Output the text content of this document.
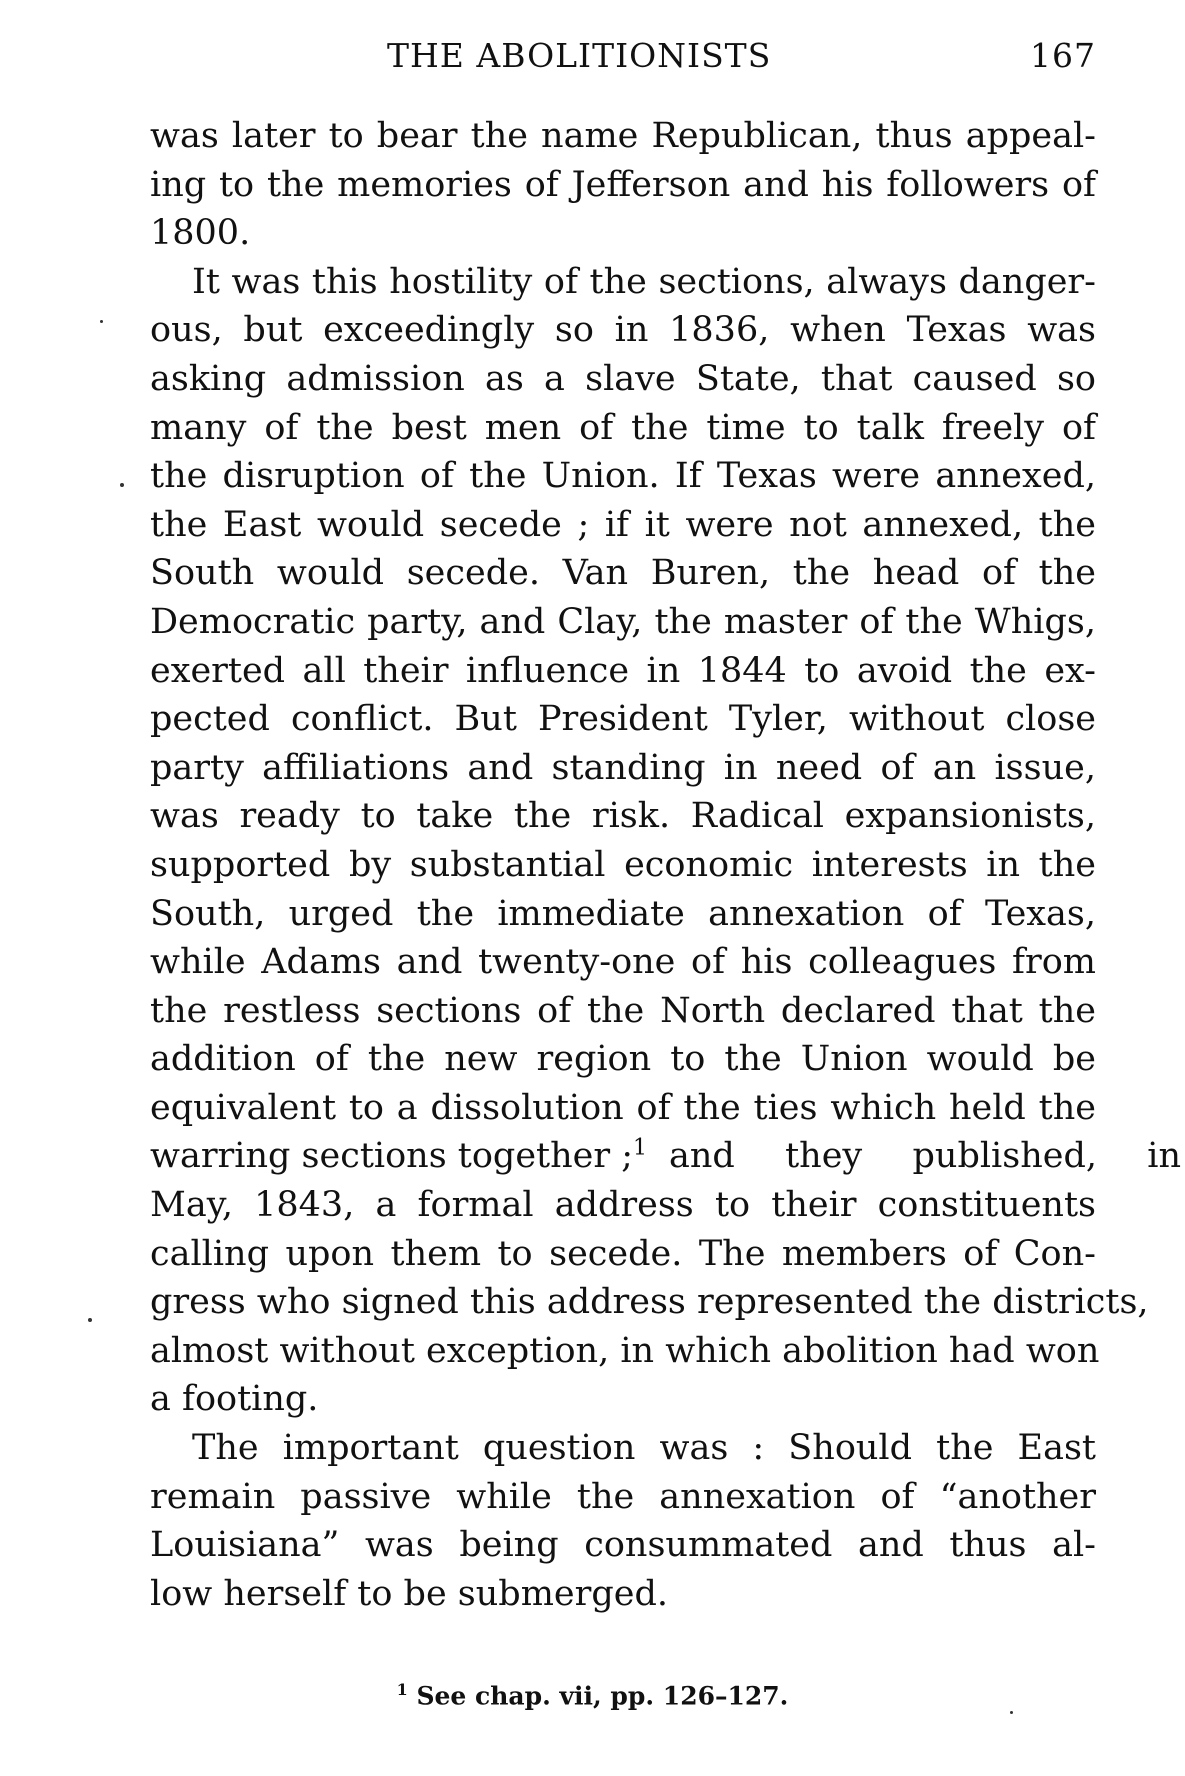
THE ABOLITIONISTS	167
was later to bear the name Republican, thus appeal-
ing to the memories of Jefferson and his followers of
1800.
It was this hostility of the sections, always danger-
ous, but exceedingly so in 1836, when Texas was
asking admission as a slave State, that caused so
many of the best men of the time to talk freely of
the disruption of the Union. If Texas were annexed,
the East would secede ; if it were not annexed, the
South would secede. Van Buren, the head of the
Democratic party, and Clay, the master of the Whigs,
exerted all their influence in 1844 to avoid the ex-
pected conflict. But President Tyler, without close
party affiliations and standing in need of an issue,
was ready to take the risk. Radical expansionists,
supported by substantial economic interests in the
South, urged the immediate annexation of Texas,
while Adams and twenty-one of his colleagues from
the restless sections of the North declared that the
addition of the new region to the Union would be
equivalent to a dissolution of the ties which held the
warring sections together ;$^1$ and they published, in
May, 1843, a formal address to their constituents
calling upon them to secede. The members of Con-
gress who signed this address represented the districts,
almost without exception, in which abolition had won
a footing.
The important question was : Should the East
remain passive while the annexation of “another
Louisiana” was being consummated and thus al-
low herself to be submerged.
$^1$ See chap. vii, pp. 126–127.
